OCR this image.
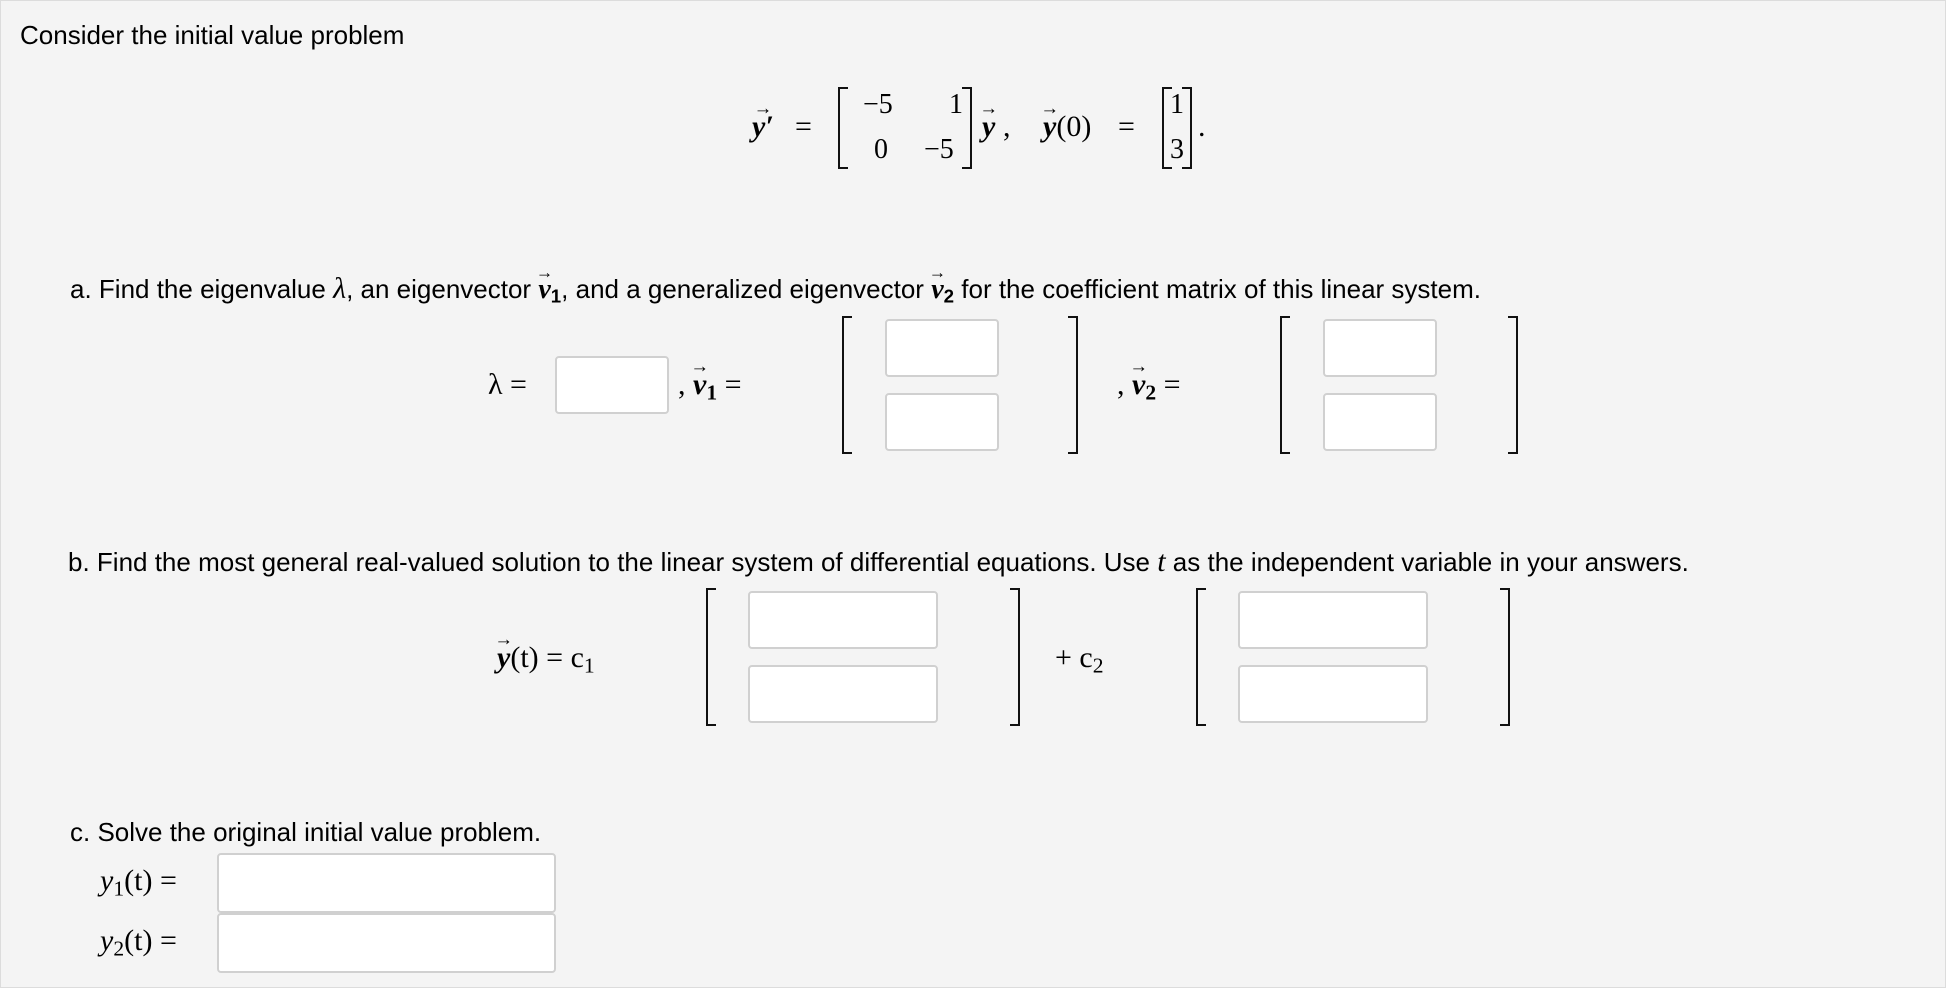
Consider the initial value problem
→ y′ =
−5 1
0 −5
→ y , → y(0) =
1
3
.
a. Find the eigenvalue λ, an eigenvector → $v_1$, and a generalized eigenvector → $v_2$ for the coefficient matrix of this linear system.
λ =	, → $v_1$ =	, → $v_2$ =
b. Find the most general real-valued solution to the linear system of differential equations. Use t as the independent variable in your answers.
→ y(t) = c1	+ c2
c. Solve the original initial value problem.
y1(t) =
y2(t) =
